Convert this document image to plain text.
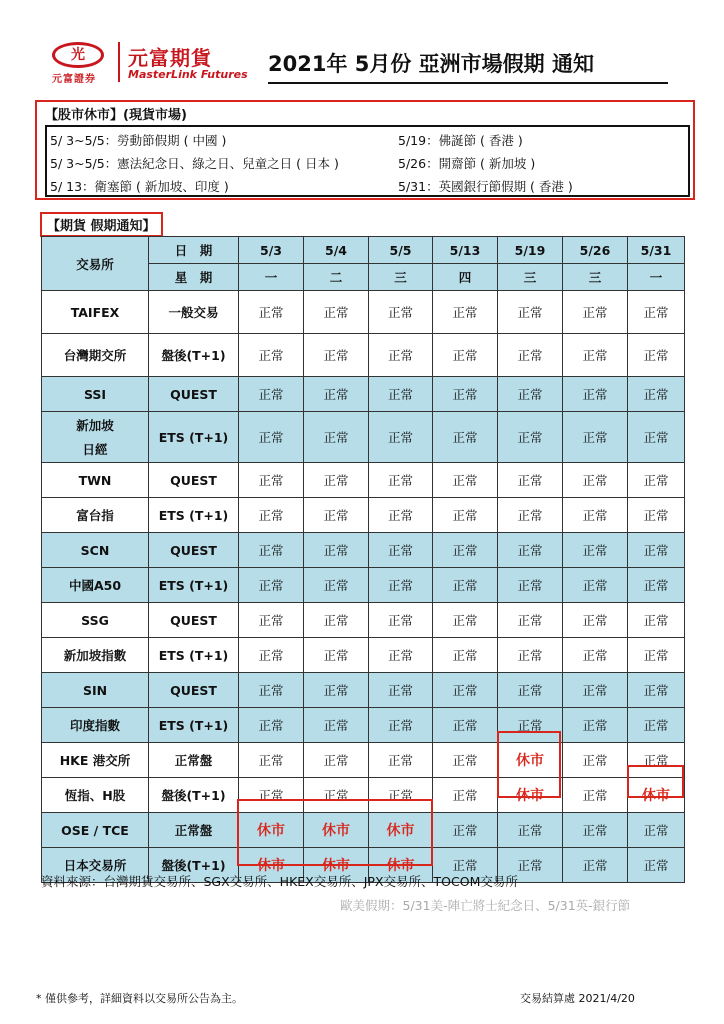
光
元富證券
元富期貨
MasterLink Futures 2021年 5月份 亞洲市場假期 通知
【股市休市】(現貨市場)
5/ 3~5/5：勞動節假期 ( 中國 )
5/ 3~5/5：憲法紀念日、綠之日、兒童之日 ( 日本 )
5/ 13：衛塞節 ( 新加坡、印度 )
5/19：佛誕節 ( 香港 )
5/26：開齋節 ( 新加坡 )
5/31：英國銀行節假期 ( 香港 )
【期貨 假期通知】
交易所	日　期	5/3	5/4	5/5	5/13	5/19	5/26	5/31
	星　期	一	二	三	四	三	三	一

TAIFEX	一般交易	正常	正常	正常	正常	正常	正常	正常

台灣期交所	盤後(T+1)	正常	正常	正常	正常	正常	正常	正常

SSI	QUEST	正常	正常	正常	正常	正常	正常	正常

新加坡
日經	ETS (T+1)	正常	正常	正常	正常	正常	正常	正常

TWN	QUEST	正常	正常	正常	正常	正常	正常	正常

富台指	ETS (T+1)	正常	正常	正常	正常	正常	正常	正常

SCN	QUEST	正常	正常	正常	正常	正常	正常	正常

中國A50	ETS (T+1)	正常	正常	正常	正常	正常	正常	正常

SSG	QUEST	正常	正常	正常	正常	正常	正常	正常

新加坡指數	ETS (T+1)	正常	正常	正常	正常	正常	正常	正常

SIN	QUEST	正常	正常	正常	正常	正常	正常	正常

印度指數	ETS (T+1)	正常	正常	正常	正常	正常	正常	正常

HKE 港交所	正常盤	正常	正常	正常	正常	休市	正常	正常

恆指、H股	盤後(T+1)	正常	正常	正常	正常	休市	正常	休市

OSE / TCE	正常盤	休市	休市	休市	正常	正常	正常	正常

日本交易所	盤後(T+1)	休市	休市	休市	正常	正常	正常	正常
資料來源：台灣期貨交易所、SGX交易所、HKEX交易所、JPX交易所、TOCOM交易所
歐美假期：5/31美-陣亡將士紀念日、5/31英-銀行節
* 僅供參考，詳細資料以交易所公告為主。	交易結算處 2021/4/20
